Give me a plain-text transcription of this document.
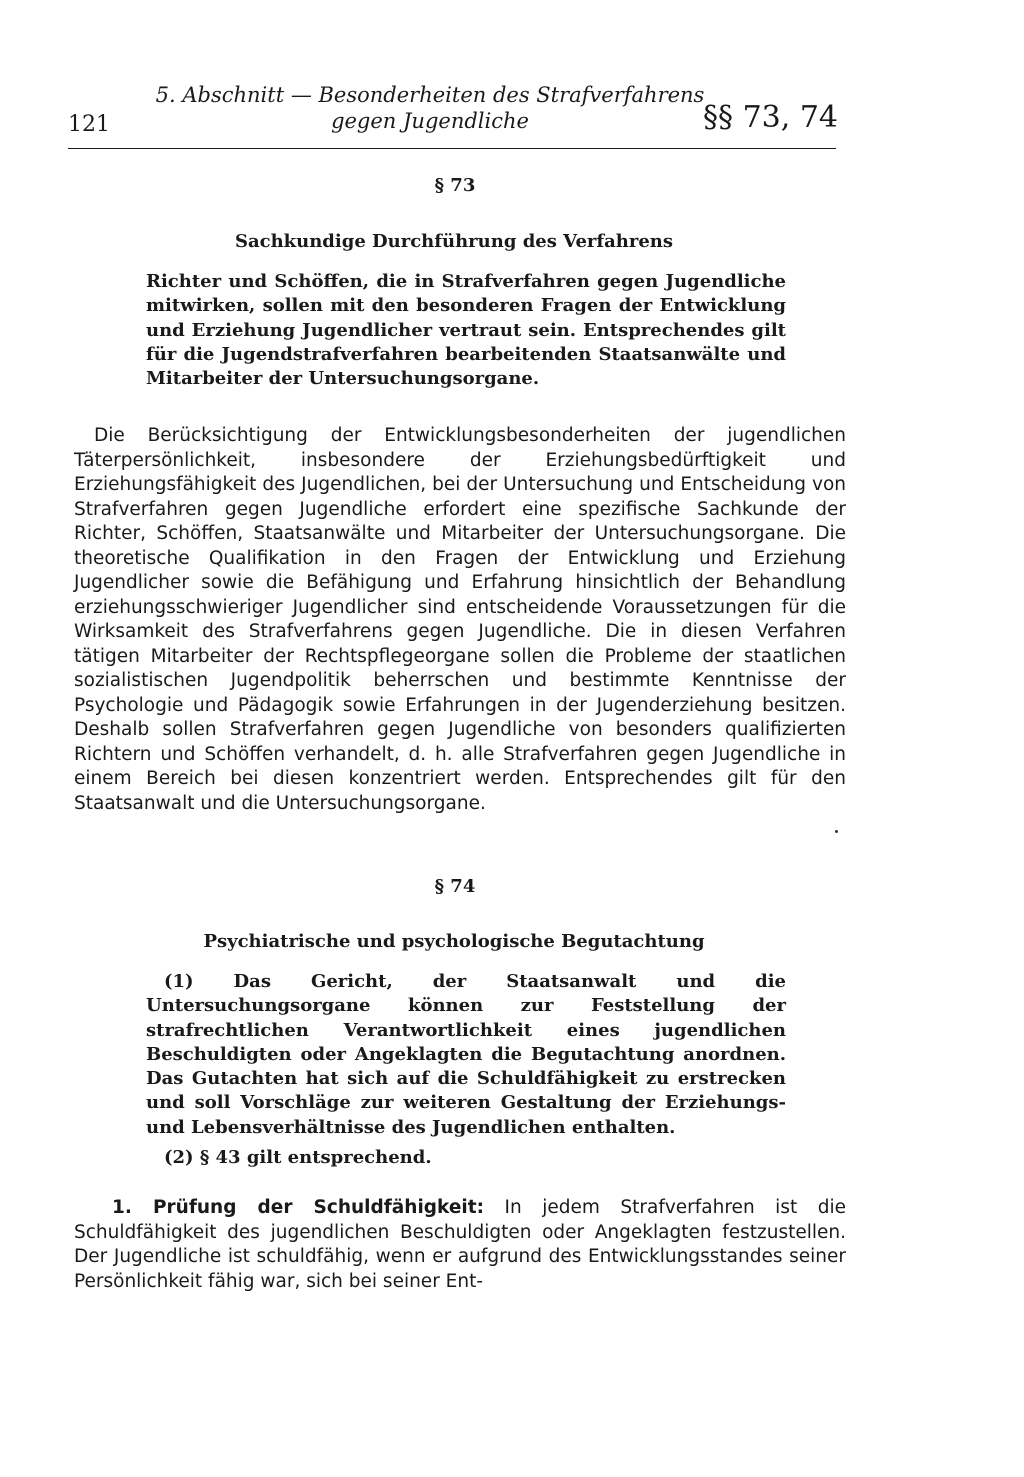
121
5. Abschnitt — Besonderheiten des Strafverfahrens
gegen Jugendliche	§§ 73, 74
§ 73
Sachkundige Durchführung des Verfahrens

Richter und Schöffen, die in Strafverfahren gegen Jugendliche mitwirken, sollen mit den besonderen Fragen der Entwicklung und Erziehung Jugendlicher vertraut sein. Entsprechendes gilt für die Jugendstrafverfahren bearbeitenden Staatsanwälte und Mitarbeiter der Untersuchungsorgane.

Die Berücksichtigung der Entwicklungsbesonderheiten der jugendlichen Täterpersönlichkeit, insbesondere der Erziehungsbedürftigkeit und Erziehungsfähigkeit des Jugendlichen, bei der Untersuchung und Entscheidung von Strafverfahren gegen Jugendliche erfordert eine spezifische Sachkunde der Richter, Schöffen, Staatsanwälte und Mitarbeiter der Untersuchungsorgane. Die theoretische Qualifikation in den Fragen der Entwicklung und Erziehung Jugendlicher sowie die Befähigung und Erfahrung hinsichtlich der Behandlung erziehungsschwieriger Jugendlicher sind entscheidende Voraussetzungen für die Wirksamkeit des Strafverfahrens gegen Jugendliche. Die in diesen Verfahren tätigen Mitarbeiter der Rechtspflegeorgane sollen die Probleme der staatlichen sozialistischen Jugendpolitik beherrschen und bestimmte Kenntnisse der Psychologie und Pädagogik sowie Erfahrungen in der Jugenderziehung besitzen. Deshalb sollen Strafverfahren gegen Jugendliche von besonders qualifizierten Richtern und Schöffen verhandelt, d. h. alle Strafverfahren gegen Jugendliche in einem Bereich bei diesen konzentriert werden. Entsprechendes gilt für den Staatsanwalt und die Untersuchungsorgane.

§ 74
Psychiatrische und psychologische Begutachtung

(1) Das Gericht, der Staatsanwalt und die Untersuchungsorgane können zur Feststellung der strafrechtlichen Verantwortlichkeit eines jugendlichen Beschuldigten oder Angeklagten die Begutachtung anordnen. Das Gutachten hat sich auf die Schuldfähigkeit zu erstrecken und soll Vorschläge zur weiteren Gestaltung der Erziehungs- und Lebensverhältnisse des Jugendlichen enthalten.

(2) § 43 gilt entsprechend.

1. Prüfung der Schuldfähigkeit: In jedem Strafverfahren ist die Schuldfähigkeit des jugendlichen Beschuldigten oder Angeklagten festzustellen. Der Jugendliche ist schuldfähig, wenn er aufgrund des Entwicklungsstandes seiner Persönlichkeit fähig war, sich bei seiner Ent-
